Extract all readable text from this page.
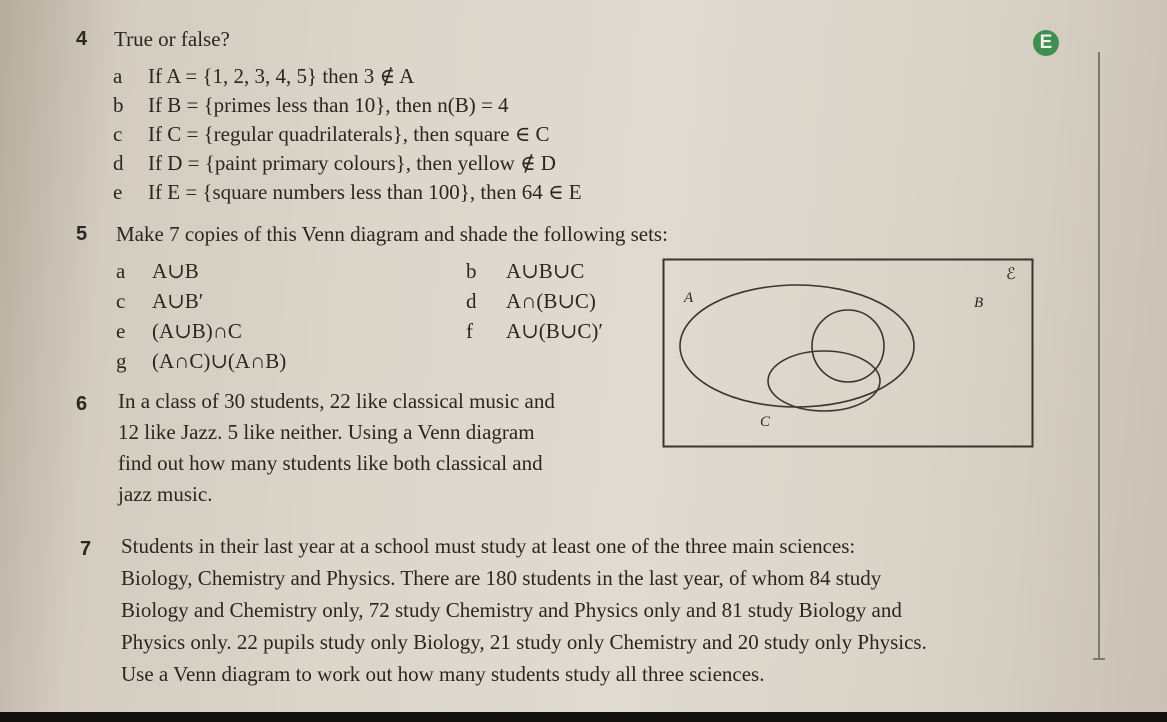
E
4 True or false?
a If A = {1, 2, 3, 4, 5} then 3 ∉ A
b If B = {primes less than 10}, then n(B) = 4
c If C = {regular quadrilaterals}, then square ∈ C
d If D = {paint primary colours}, then yellow ∉ D
e If E = {square numbers less than 100}, then 64 ∈ E
5 Make 7 copies of this Venn diagram and shade the following sets:
a A∪B	b A∪B∪C
c A∪B′	d A∩(B∪C)
e (A∪B)∩C	f A∪(B∪C)′
g (A∩C)∪(A∩B)
ℰ
A	B
C
6 In a class of 30 students, 22 like classical music and
12 like Jazz. 5 like neither. Using a Venn diagram
find out how many students like both classical and
jazz music.
7 Students in their last year at a school must study at least one of the three main sciences:
Biology, Chemistry and Physics. There are 180 students in the last year, of whom 84 study
Biology and Chemistry only, 72 study Chemistry and Physics only and 81 study Biology and
Physics only. 22 pupils study only Biology, 21 study only Chemistry and 20 study only Physics.
Use a Venn diagram to work out how many students study all three sciences.
